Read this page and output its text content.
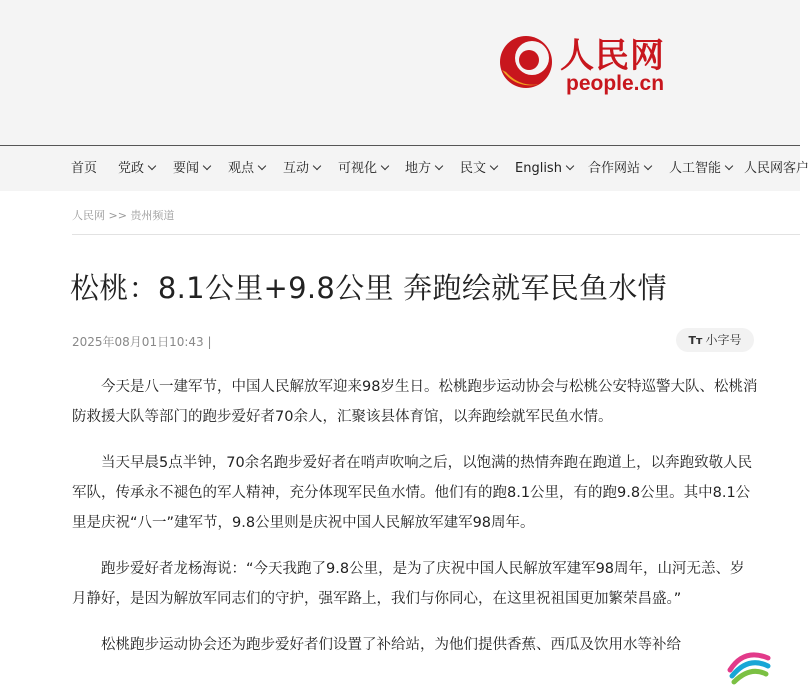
人民网
people.cn
首页 党政	要闻	观点	互动	可视化	地方	民文	English	合作网站	人工智能	人民网客户
人民网 >> 贵州频道
松桃：8.1公里+9.8公里 奔跑绘就军民鱼水情
2025年08月01日10:43 |	Tт 小字号

今天是八一建军节，中国人民解放军迎来98岁生日。松桃跑步运动协会与松桃公安特巡警大队、松桃消防救援大队等部门的跑步爱好者70余人，汇聚该县体育馆，以奔跑绘就军民鱼水情。

当天早晨5点半钟，70余名跑步爱好者在哨声吹响之后，以饱满的热情奔跑在跑道上，以奔跑致敬人民军队，传承永不褪色的军人精神，充分体现军民鱼水情。他们有的跑8.1公里，有的跑9.8公里。其中8.1公里是庆祝“八一”建军节，9.8公里则是庆祝中国人民解放军建军98周年。

跑步爱好者龙杨海说：“今天我跑了9.8公里，是为了庆祝中国人民解放军建军98周年，山河无恙、岁月静好，是因为解放军同志们的守护，强军路上，我们与你同心，在这里祝祖国更加繁荣昌盛。”

松桃跑步运动协会还为跑步爱好者们设置了补给站，为他们提供香蕉、西瓜及饮用水等补给
